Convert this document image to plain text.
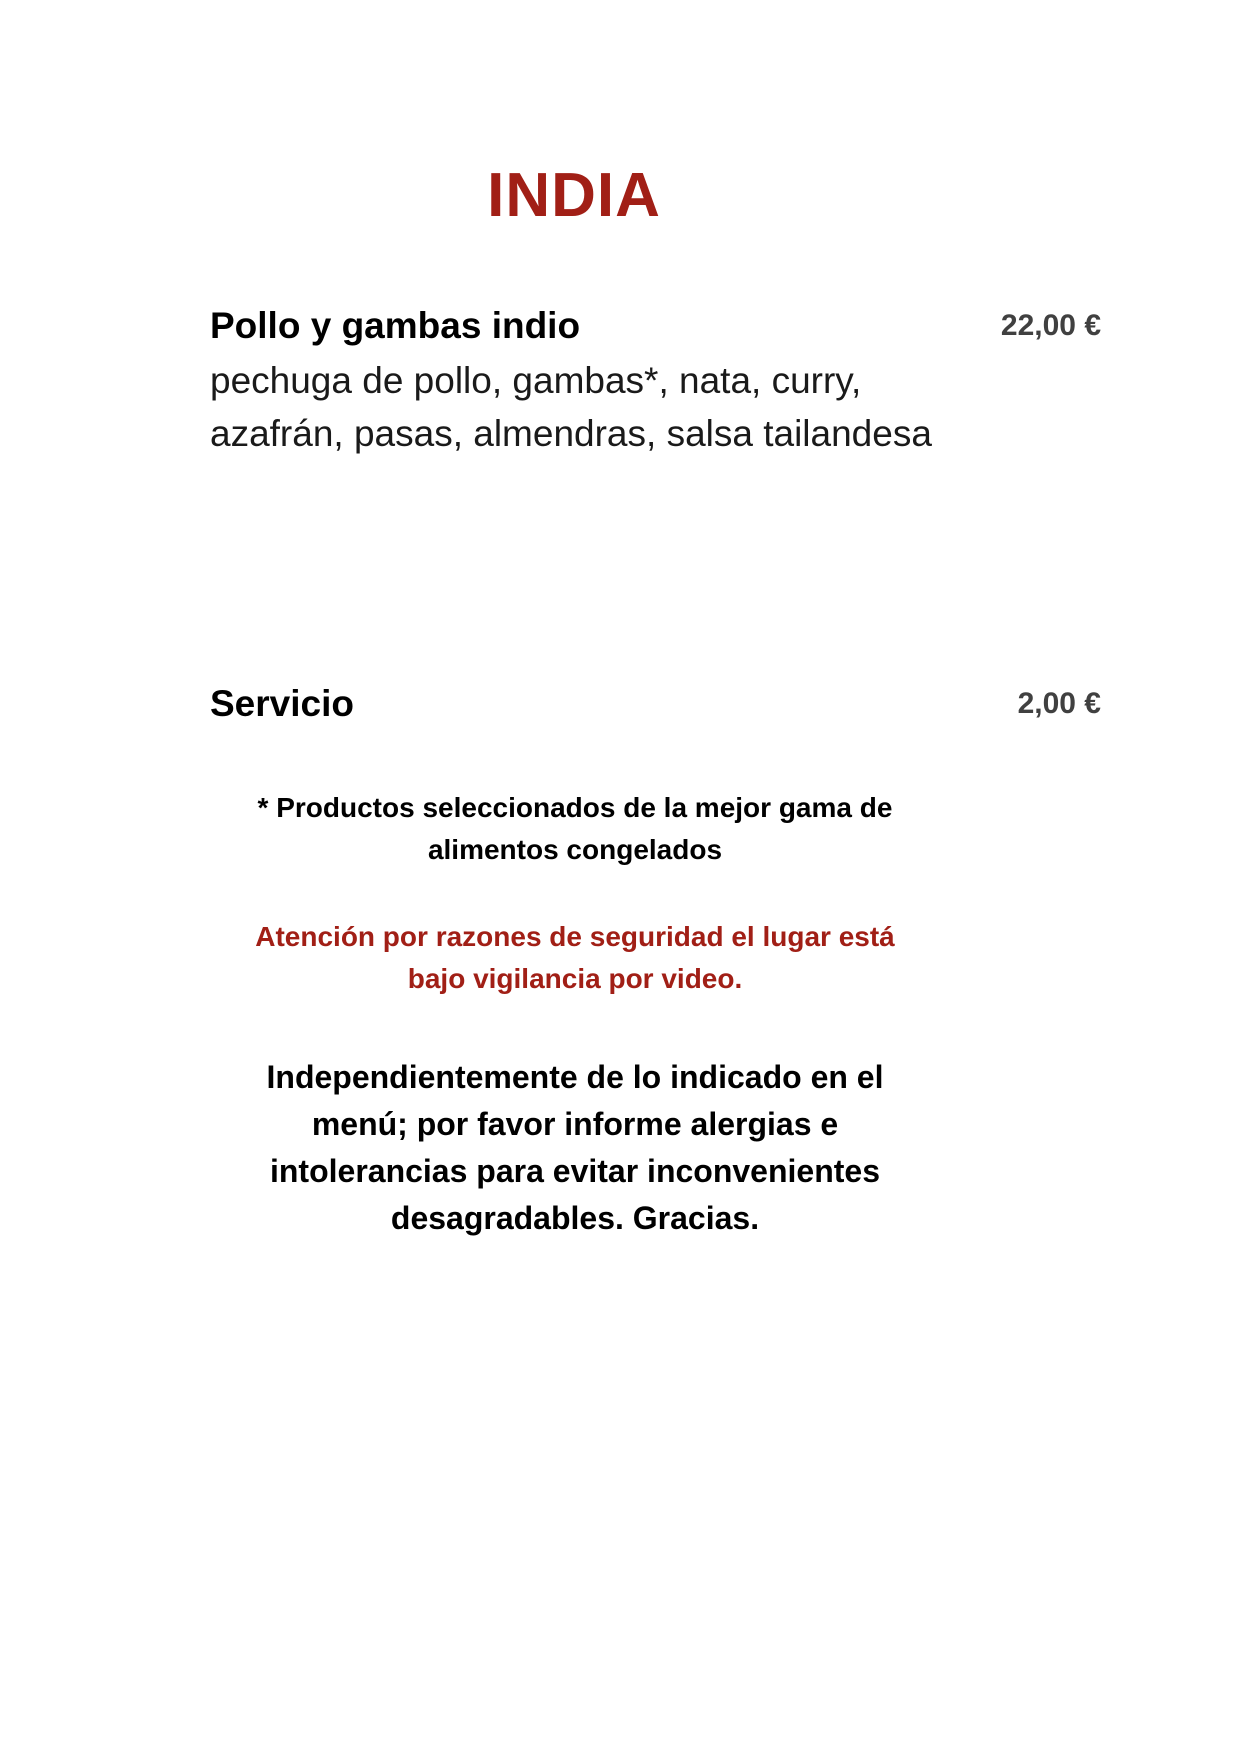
INDIA
Pollo y gambas indio	22,00 €
pechuga de pollo, gambas*, nata, curry, azafrán, pasas, almendras, salsa tailandesa
Servicio	2,00 €
* Productos seleccionados de la mejor gama de alimentos congelados
Atención por razones de seguridad el lugar está bajo vigilancia por video.
Independientemente de lo indicado en el menú; por favor informe alergias e intolerancias para evitar inconvenientes desagradables. Gracias.
